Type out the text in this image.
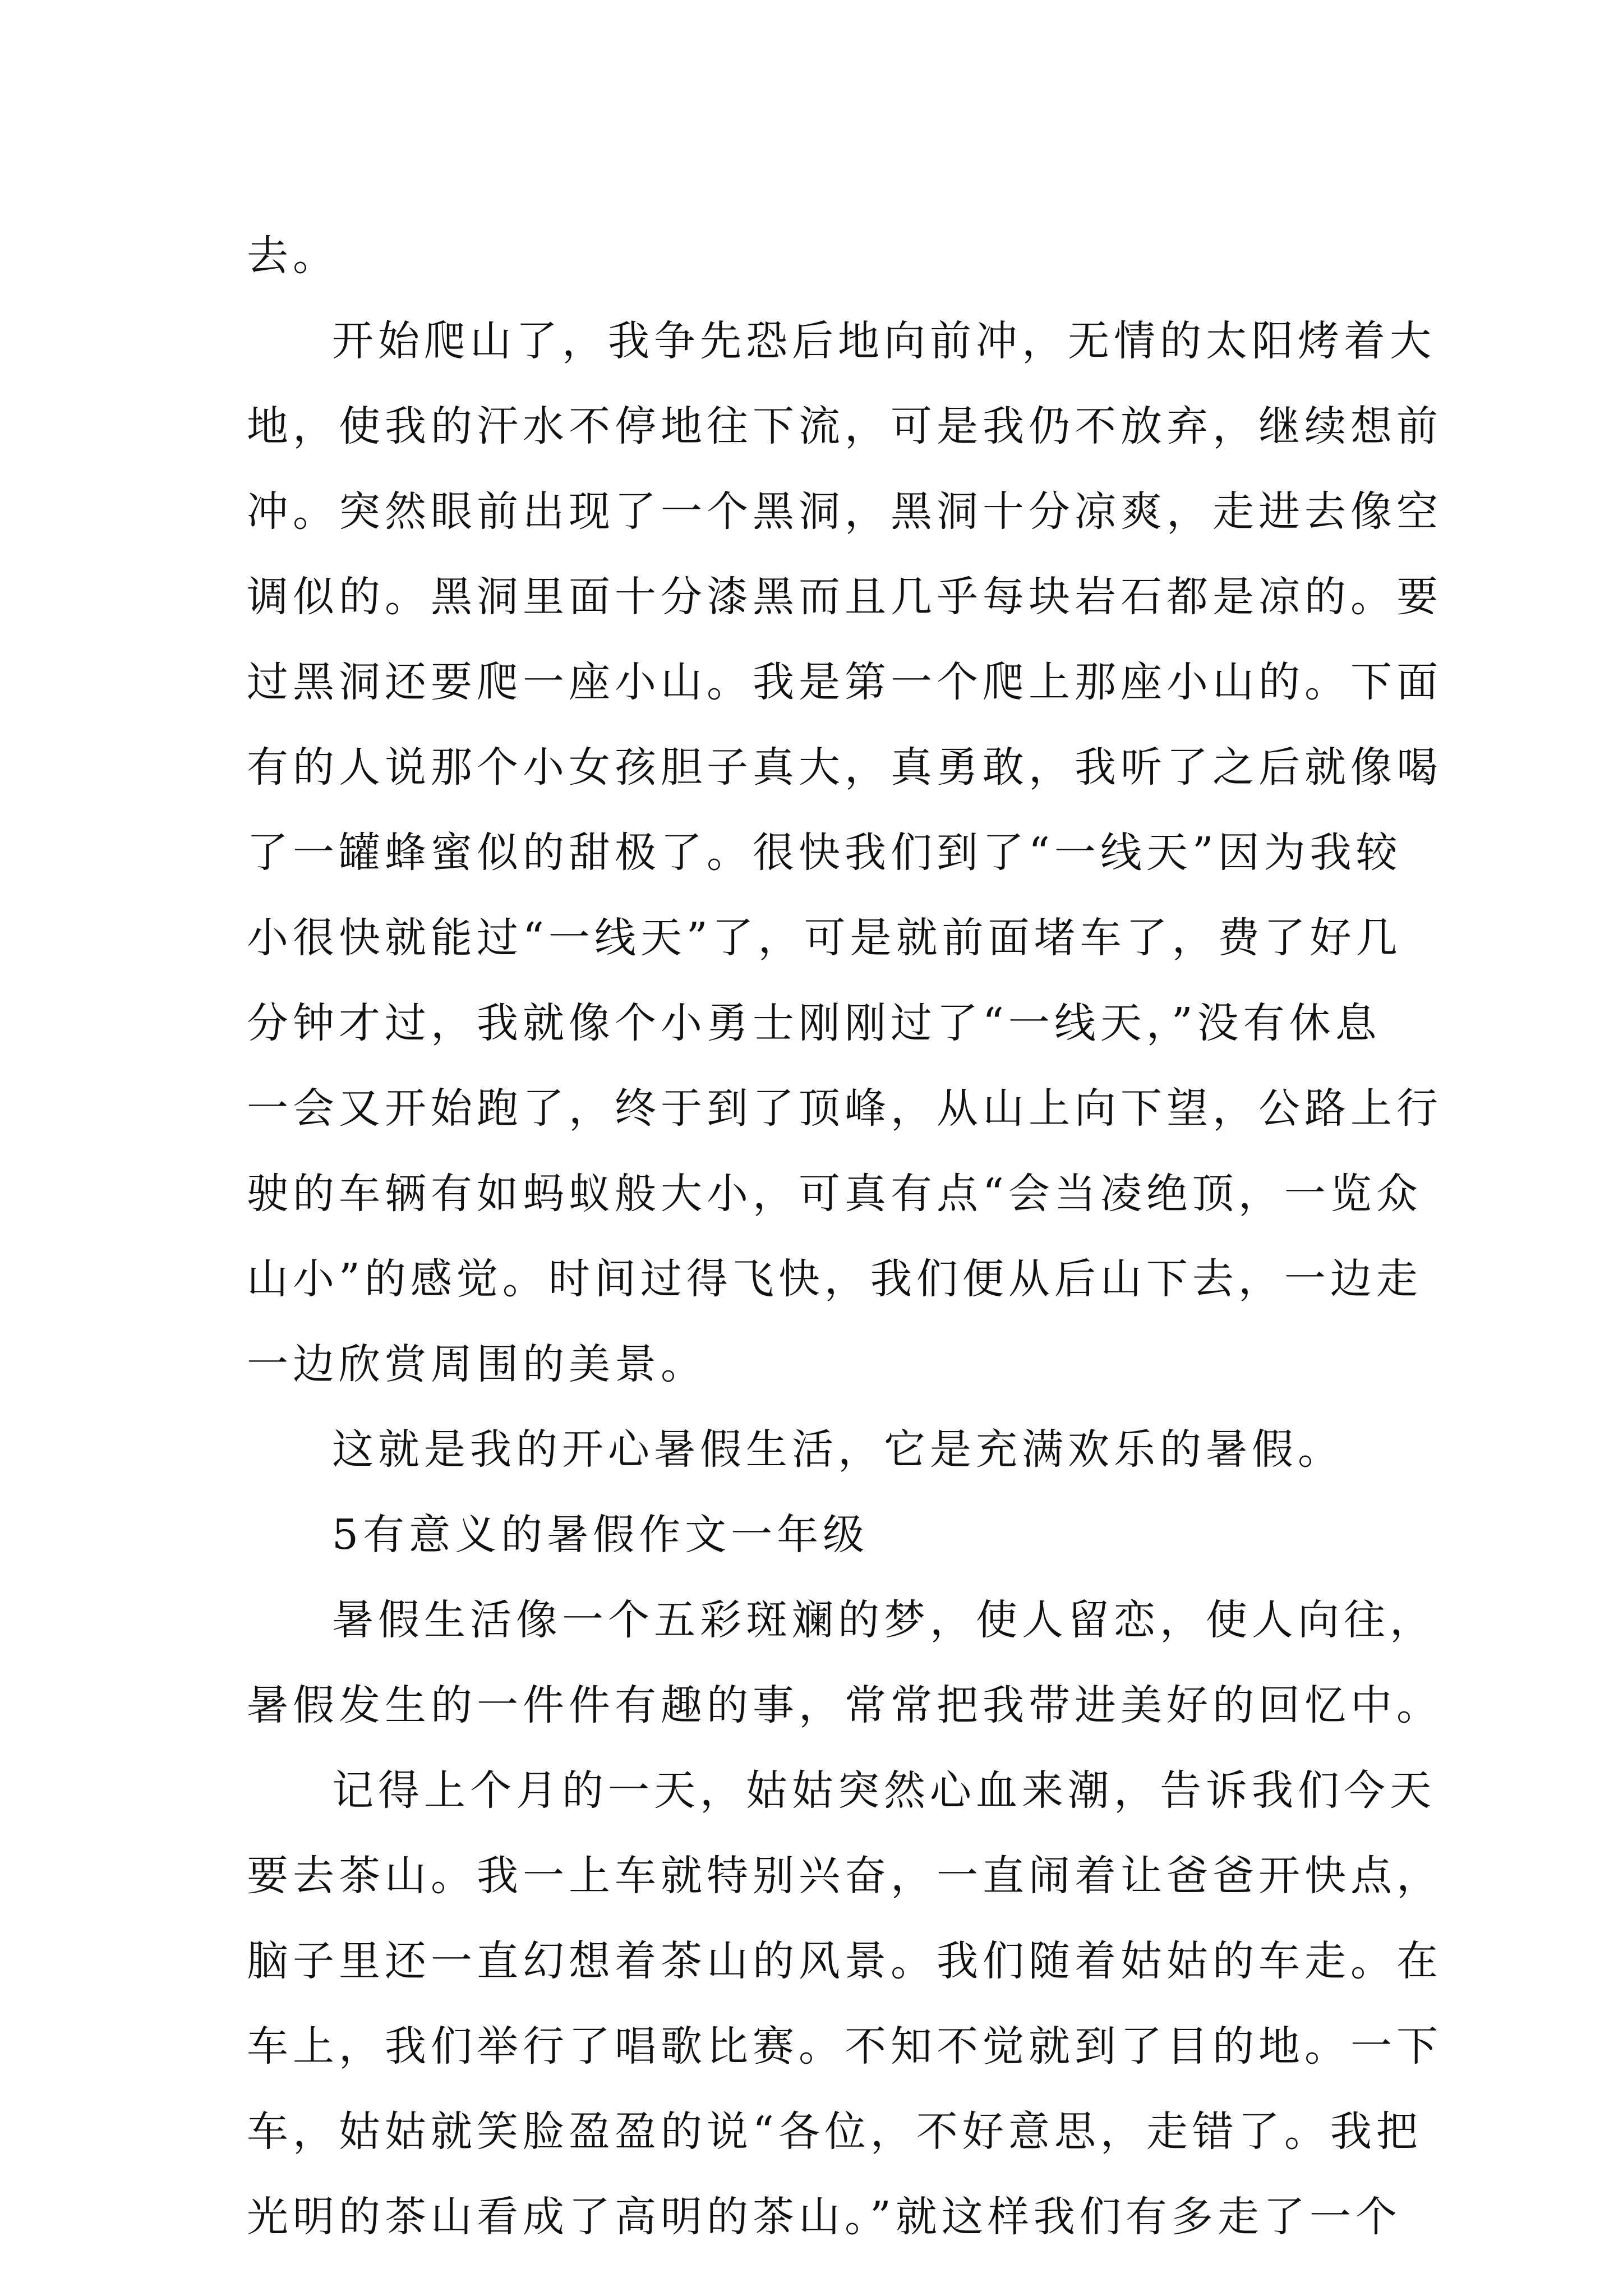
去。
开始爬山了，我争先恐后地向前冲，无情的太阳烤着大
地，使我的汗水不停地往下流，可是我仍不放弃，继续想前
冲。突然眼前出现了一个黑洞，黑洞十分凉爽，走进去像空
调似的。黑洞里面十分漆黑而且几乎每块岩石都是凉的。要
过黑洞还要爬一座小山。我是第一个爬上那座小山的。下面
有的人说那个小女孩胆子真大，真勇敢，我听了之后就像喝
了一罐蜂蜜似的甜极了。很快我们到了“一线天”因为我较
小很快就能过“一线天”了，可是就前面堵车了，费了好几
分钟才过，我就像个小勇士刚刚过了“一线天，”没有休息
一会又开始跑了，终于到了顶峰，从山上向下望，公路上行
驶的车辆有如蚂蚁般大小，可真有点“会当凌绝顶，一览众
山小”的感觉。时间过得飞快，我们便从后山下去，一边走
一边欣赏周围的美景。
这就是我的开心暑假生活，它是充满欢乐的暑假。
5有意义的暑假作文一年级
暑假生活像一个五彩斑斓的梦，使人留恋，使人向往，
暑假发生的一件件有趣的事，常常把我带进美好的回忆中。
记得上个月的一天，姑姑突然心血来潮，告诉我们今天
要去茶山。我一上车就特别兴奋，一直闹着让爸爸开快点，
脑子里还一直幻想着茶山的风景。我们随着姑姑的车走。在
车上，我们举行了唱歌比赛。不知不觉就到了目的地。一下
车，姑姑就笑脸盈盈的说“各位，不好意思，走错了。我把
光明的茶山看成了高明的茶山。”就这样我们有多走了一个
